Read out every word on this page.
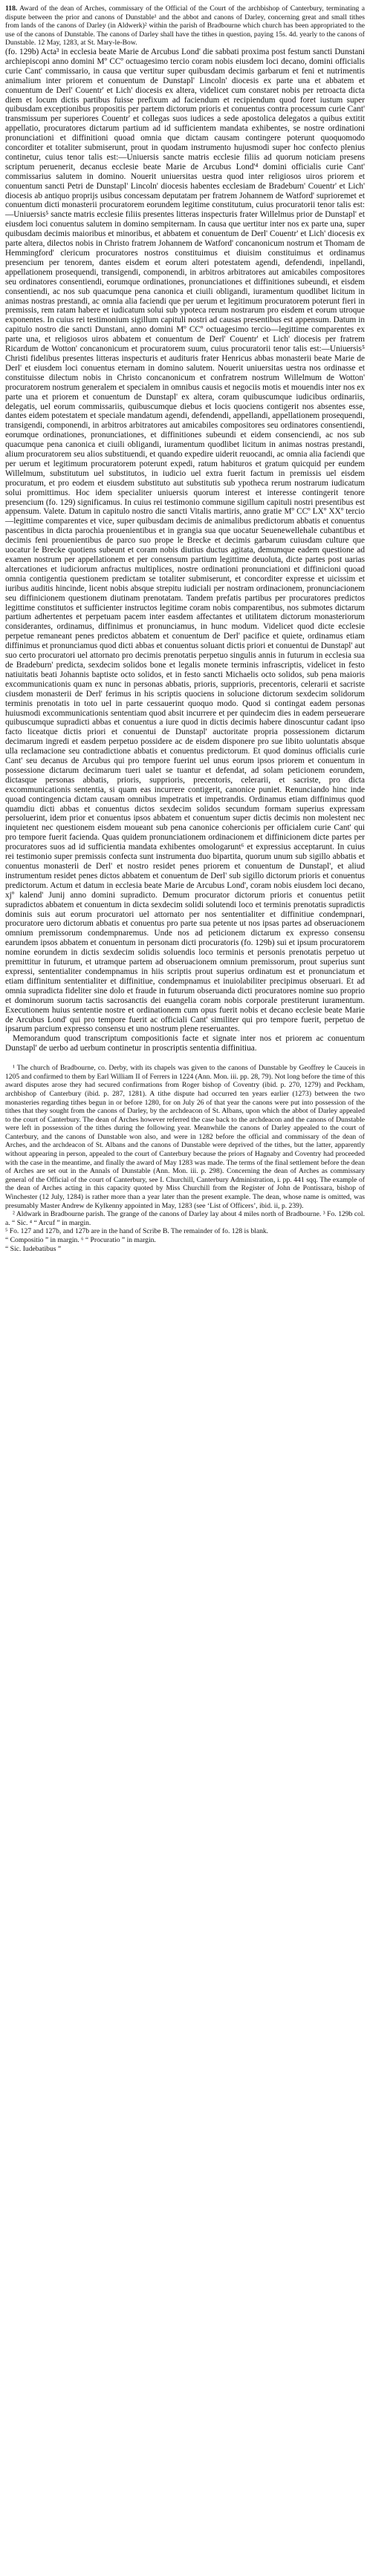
118. Award of the dean of Arches, commissary of the Official of the Court of the archbishop of Canterbury, terminating a dispute between the prior and canons of Dunstable¹ and the abbot and canons of Darley, concerning great and small tithes from lands of the canons of Darley (in Aldwerk)² within the parish of Bradbourne which church has been appropriated to the use of the canons of Dunstable. The canons of Darley shall have the tithes in question, paying 15s. 4d. yearly to the canons of Dunstable. 12 May, 1283, at St. Mary-le-Bow.

(fo. 129b) Acta³ in ecclesia beate Marie de Arcubus Lond' die sabbati proxima post festum sancti Dunstani archiepiscopi anno domini Mº CCº octuagesimo tercio coram nobis eiusdem loci decano, domini officialis curie Cant' commissario, in causa que vertitur super quibusdam decimis garbarum et feni et nutrimentis animalium inter priorem et conuentum de Dunstapl' Lincoln' diocesis ex parte una et abbatem et conuentum de Derl' Couentr' et Lich' diocesis ex altera, videlicet cum constaret nobis per retroacta dicta diem et locum dictis partibus fuisse prefixum ad faciendum et recipiendum quod foret iustum super quibusdam exceptionibus propositis per partem dictorum prioris et conuentus contra processum curie Cant' transmissum per superiores Couentr' et collegas suos iudices a sede apostolica delegatos a quibus extitit appellatio, procuratores dictarum partium ad id sufficientem mandata exhibentes, se nostre ordinationi pronunciationi et diffinitioni quoad omnia que dictam causam contingere poterunt quoquomodo concorditer et totaliter submiserunt, prout in quodam instrumento hujusmodi super hoc confecto plenius continetur, cuius tenor talis est:—Uniuersis sancte matris ecclesie filiis ad quorum noticiam presens scriptum peruenerit, decanus ecclesie beate Marie de Arcubus Lond'⁴ domini officialis curie Cant' commissarius salutem in domino. Nouerit uniuersitas uestra quod inter religiosos uiros priorem et conuentum sancti Petri de Dunstapl' Lincoln' diocesis habentes ecclesiam de Bradeburn' Couentr' et Lich' diocesis ab antiquo proprijs usibus concessam deputatam per fratrem Johannem de Watford' suprioremet et conuentum dicti monasterii procuratorem eorundem legitime constitutum, cuius procuratorii tenor talis est:—Uniuersis⁵ sancte matris ecclesie filiis presentes litteras inspecturis frater Willelmus prior de Dunstapl' et eiusdem loci conuentus salutem in domino sempiternam. In causa que uertitur inter nos ex parte una, super quibusdam decimis maioribus et minoribus, et abbatem et conuentum de Derl' Couentr' et Lich' diocesis ex parte altera, dilectos nobis in Christo fratrem Johannem de Watford' concanonicum nostrum et Thomam de Hemmingford' clericum procuratores nostros constituimus et diuisim constituimus et ordinamus presencium per tenorem, dantes eisdem et eorum alteri potestatem agendi, defendendi, inpellandi, appellationem prosequendi, transigendi, componendi, in arbitros arbitratores aut amicabiles compositores seu ordinatores consentiendi, eorumque ordinationes, pronunciationes et diffinitiones subeundi, et eisdem consentiendi, ac nos sub quacumque pena canonica et ciuili obligandi, iuramentum quodlibet licitum in animas nostras prestandi, ac omnia alia faciendi que per uerum et legitimum procuratorem poterunt fieri in premissis, rem ratam habere et iudicatum solui sub ypoteca rerum nostrarum pro eisdem et eorum utroque exponentes. In cuius rei testimonium sigillum capituli nostri ad causas presentibus est appensum. Datum in capitulo nostro die sancti Dunstani, anno domini Mº CCº octuagesimo tercio—legittime comparentes ex parte una, et religiosos uiros abbatem et conuentum de Derl' Couentr' et Lich' diocesis per fratrem Ricardum de Wotton' concanonicum et procuratorem suum, cuius procuratorii tenor talis est:—Uniuersis⁵ Christi fidelibus presentes litteras inspecturis et audituris frater Henricus abbas monasterii beate Marie de Derl' et eiusdem loci conuentus eternam in domino salutem. Nouerit uniuersitas uestra nos ordinasse et constituisse dilectum nobis in Christo concanonicum et confratrem nostrum Willelmum de Wotton' procuratorem nostrum generalem et specialem in omnibus causis et negociis motis et mouendis inter nos ex parte una et priorem et conuentum de Dunstapl' ex altera, coram quibuscumque iudicibus ordinariis, delegatis, uel eorum commissariis, quibuscumque diebus et locis quociens contigerit nos absentes esse, dantes eidem potestatem et speciale mandatum agendi, defendendi, appellandi, appellationem prosequendi, transigendi, componendi, in arbitros arbitratores aut amicabiles compositores seu ordinatores consentiendi, eorumque ordinationes, pronunciationes, et diffinitiones subeundi et eidem consenciendi, ac nos sub quacumque pena canonica et ciuili obligandi, iuramentum quodlibet licitum in animas nostras prestandi, alium procuratorem seu alios substituendi, et quando expedire uiderit reuocandi, ac omnia alia faciendi que per uerum et legitimum procuratorem poterunt expedi, ratum habituros et gratum quicquid per eundem Willelmum, substitutum uel substitutos, in iudicio uel extra fuerit factum in premissis uel eisdem procuratum, et pro eodem et eiusdem substituto aut substitutis sub ypotheca rerum nostrarum iudicatum solui promittimus. Hoc idem specialiter uniuersis quorum interest et interesse contingerit tenore presencium (fo. 129) significamus. In cuius rei testimonio commune sigillum capituli nostri presentibus est appensum. Valete. Datum in capitulo nostro die sancti Vitalis martiris, anno gratie Mº CCº LXº XXº tercio—legittime comparentes et vice, super quibusdam decimis de animalibus predictorum abbatis et conuentus pascentibus in dicta parochia prouenientibus et in grangia sua que uocatur Seuenewellehale cubantibus et decimis feni prouenientibus de parco suo prope le Brecke et decimis garbarum cuiusdam culture que uocatur le Brecke quotiens subeunt et coram nobis diutius ductus agitata, demumque eadem questione ad examen nostrum per appellationem et per consensum partium legittime deuoluta, dicte partes post uarias altercationes et iudiciorum anfractus multiplices, nostre ordinationi pronunciationi et diffinicioni quoad omnia contigentia questionem predictam se totaliter submiserunt, et concorditer expresse et uicissim et iuribus auditis hincinde, licent nobis absque strepitu iudiciali per nostram ordinacionem, pronunciacionem seu diffinicionem questionem diutinam prenotatam. Tandem prefatis partibus per procuratores predictos legittime constitutos et sufficienter instructos legitime coram nobis comparentibus, nos submotes dictarum partium adhertentes et perpetuam pacem inter easdem affectantes et utilitatem dictorum monasteriorum considerantes, ordinamus, diffinimus et pronunciamus, in hunc modum. Videlicet quod dicte ecclesie perpetue remaneant penes predictos abbatem et conuentum de Derl' pacifice et quiete, ordinamus etiam diffinimus et pronunciamus quod dicti abbas et conuentus soluant dictis priori et conuentui de Dunstapl' aut suo certo procuratori uel attornato pro decimis prenotatis perpetuo singulis annis in futurum in ecclesia sua de Bradeburn' predicta, sexdecim solidos bone et legalis monete terminis infrascriptis, videlicet in festo natiuitatis beati Johannis baptiste octo solidos, et in festo sancti Michaelis octo solidos, sub pena maioris excommunicationis quam ex nunc in personas abbatis, prioris, supprioris, precentoris, celerarii et sacriste ciusdem monasterii de Derl' ferimus in his scriptis quociens in solucione dictorum sexdecim solidorum terminis prenotatis in toto uel in parte cessauerint quoquo modo. Quod si contingat eadem personas huiusmodi excommunicationis sententiam quod absit incurrere et per quindecim dies in eadem perseuerare quibuscumque supradicti abbas et conuentus a iure quod in dictis decimis habere dinoscuntur cadant ipso facto liceatque dictis priori et conuentui de Dunstapl' auctoritate propria possessionem dictarum decimarum ingredi et easdem perpetuo possidere ac de eisdem disponere pro sue libito uoluntatis absque ulla reclamacione seu contradictione abbatis et conuentus predictorum. Et quod dominus officialis curie Cant' seu decanus de Arcubus qui pro tempore fuerint uel unus eorum ipsos priorem et conuentum in possessione dictarum decimarum tueri ualet se tuantur et defendat, ad solam peticionem eorundem, dictasque personas abbatis, prioris, supprioris, precentoris, celerarii, et sacriste, pro dicta excommunicationis sententia, si quam eas incurrere contigerit, canonice puniet. Renunciando hinc inde quoad contingencia dictam causam omnibus impetratis et impetrandis. Ordinamus etiam diffinimus quod quamdiu dicti abbas et conuentus dictos sexdecim solidos secundum formam superius expressam persoluerint, idem prior et conuentus ipsos abbatem et conuentum super dictis decimis non molestent nec inquietent nec questionem eisdem moueant sub pena canonice cohercionis per officialem curie Cant' qui pro tempore fuerit facienda. Quas quidem pronunciationem ordinacionem et diffinicionem dicte partes per procuratores suos ad id sufficientia mandata exhibentes omologarunt⁶ et expressius acceptarunt. In cuius rei testimonio super premissis confecta sunt instrumenta duo bipartita, quorum unum sub sigillo abbatis et conuentus monasterii de Derl' et nostro residet penes priorem et conuentum de Dunstapl', et aliud instrumentum residet penes dictos abbatem et conuentum de Derl' sub sigillo dictorum prioris et conuentus predictorum. Actum et datum in ecclesia beate Marie de Arcubus Lond', coram nobis eiusdem loci decano, xjº kalend' Junij anno domini supradicto. Demum procurator dictorum prioris et conuentus petiit supradictos abbatem et conuentum in dicta sexdecim solidi solutendi loco et terminis prenotatis supradictis dominis suis aut eorum procuratori uel attornato per nos sententialiter et diffinitiue condempnari, procuratore uero dictorum abbatis et conuentus pro parte sua petente ut nos ipsas partes ad obseruacionem omnium premissorum condempnaremus. Unde nos ad peticionem dictarum ex expresso consensu earundem ipsos abbatem et conuentum in personam dicti procuratoris (fo. 129b) sui et ipsum procuratorem nomine eorundem in dictis sexdecim solidis soluendis loco terminis et personis prenotatis perpetuo ut premittitur in futurum, et utramque partem ad obseruacionem omnium premissorum, prout superius sunt expressi, sententialiter condempnamus in hiis scriptis prout superius ordinatum est et pronunciatum et etiam diffinitum sententialiter et diffinitiue, condempnamus et inuiolabiliter precipimus obseruari. Et ad omnia supradicta fideliter sine dolo et fraude in futurum obseruanda dicti procuratores nomine suo proprio et dominorum suorum tactis sacrosanctis dei euangelia coram nobis corporale prestiterunt iuramentum. Executionem huius sententie nostre et ordinationem cum opus fuerit nobis et decano ecclesie beate Marie de Arcubus Lond' qui pro tempore fuerit ac officiali Cant' similiter qui pro tempore fuerit, perpetuo de ipsarum parcium expresso consensu et uno nostrum plene reseruantes.

Memorandum quod transcriptum compositionis facte et signate inter nos et priorem ac conuentum Dunstapl' de uerbo ad uerbum continetur in proscriptis sententia diffinitiua.

¹ The church of Bradbourne, co. Derby, with its chapels was given to the canons of Dunstable by Geoffrey le Cauceis in 1205 and confirmed to them by Earl William II of Ferrers in 1224 (Ann. Mon. iii. pp. 28, 79). Not long before the time of this award disputes arose they had secured confirmations from Roger bishop of Coventry (ibid. p. 270, 1279) and Peckham, archbishop of Canterbury (ibid. p. 287, 1281). A tithe dispute had occurred ten years earlier (1273) between the two monasteries regarding tithes begun in or before 1280, for on July 26 of that year the canons were put into possession of the tithes that they sought from the canons of Darley, by the archdeacon of St. Albans, upon which the abbot of Darley appealed to the court of Canterbury. The dean of Arches however referred the case back to the archdeacon and the canons of Dunstable were left in possession of the tithes during the following year. Meanwhile the canons of Darley appealed to the court of Canterbury, and the canons of Dunstable won also, and were in 1282 before the official and commissary of the dean of Arches, and the archdeacon of St. Albans and the canons of Dunstable were deprived of the tithes, but the latter, apparently without appearing in person, appealed to the court of Canterbury because the priors of Hagnaby and Coventry had proceeded with the case in the meantime, and finally the award of May 1283 was made. The terms of the final settlement before the dean of Arches are set out in the Annals of Dunstable (Ann. Mon. iii. p. 298). Concerning the dean of Arches as commissary general of the Official of the court of Canterbury, see I. Churchill, Canterbury Administration, i. pp. 441 sqq. The example of the dean of Arches acting in this capacity quoted by Miss Churchill from the Register of John de Pontissara, bishop of Winchester (12 July, 1284) is rather more than a year later than the present example. The dean, whose name is omitted, was presumably Master Andrew de Kylkenny appointed in May, 1283 (see ‘List of Officers’, ibid. ii, p. 239).

² Aldwark in Bradbourne parish. The grange of the canons of Darley lay about 4 miles north of Bradbourne. ³ Fo. 129b col. a. “ Sic. ⁴ “ Arcuf ” in margin.

⁵ Fo. 127 and 127b, and 127b are in the hand of Scribe B. The remainder of fo. 128 is blank.

“ Compositio ” in margin. ⁶ “ Procuratio ” in margin.

“ Sic. Iudebatibus ”
